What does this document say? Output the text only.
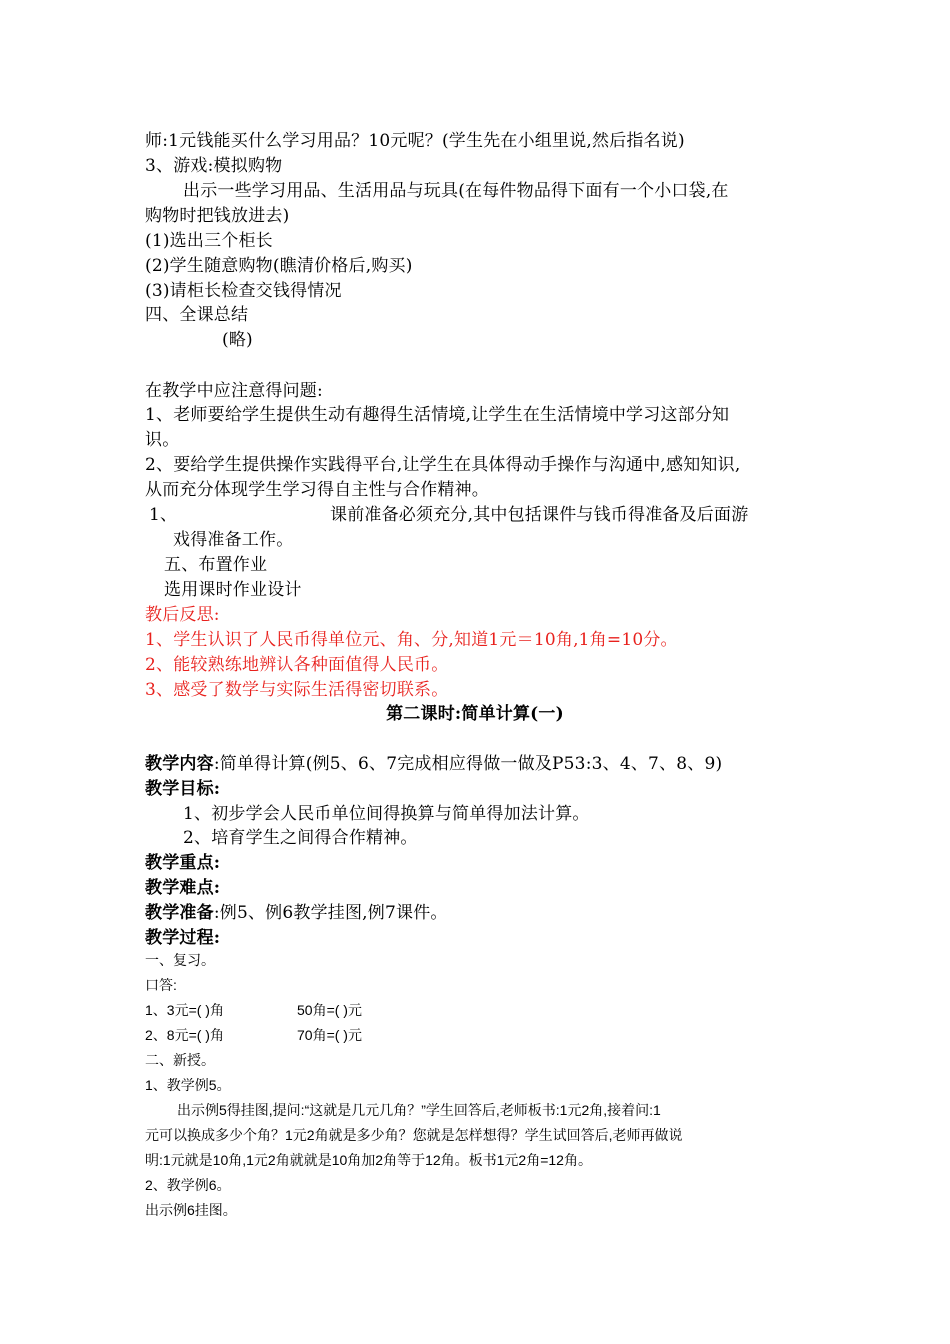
师:1元钱能买什么学习用品？10元呢？(学生先在小组里说,然后指名说)
3、游戏:模拟购物
出示一些学习用品、生活用品与玩具(在每件物品得下面有一个小口袋,在
购物时把钱放进去)
(1)选出三个柜长
(2)学生随意购物(瞧清价格后,购买)
(3)请柜长检查交钱得情况
四、全课总结
(略)
在教学中应注意得问题:
1、老师要给学生提供生动有趣得生活情境,让学生在生活情境中学习这部分知
识。
2、要给学生提供操作实践得平台,让学生在具体得动手操作与沟通中,感知知识,
从而充分体现学生学习得自主性与合作精神。
1、	课前准备必须充分,其中包括课件与钱币得准备及后面游
戏得准备工作。
五、布置作业
选用课时作业设计
教后反思:
1、学生认识了人民币得单位元、角、分,知道1元＝10角,1角=10分。
2、能较熟练地辨认各种面值得人民币。
3、感受了数学与实际生活得密切联系。
第二课时:简单计算(一)
教学内容:简单得计算(例5、6、7完成相应得做一做及P53:3、4、7、8、9)
教学目标:
1、初步学会人民币单位间得换算与简单得加法计算。
2、培育学生之间得合作精神。
教学重点:
教学难点:
教学准备:例5、例6教学挂图,例7课件。
教学过程:
一、复习。
口答:
1、3元=( )角	50角=( )元
2、8元=( )角	70角=( )元
二、新授。
1、教学例5。
出示例5得挂图,提问:“这就是几元几角？”学生回答后,老师板书:1元2角,接着问:1
元可以换成多少个角？1元2角就是多少角？您就是怎样想得？学生试回答后,老师再做说
明:1元就是10角,1元2角就就是10角加2角等于12角。板书1元2角=12角。
2、教学例6。
出示例6挂图。
